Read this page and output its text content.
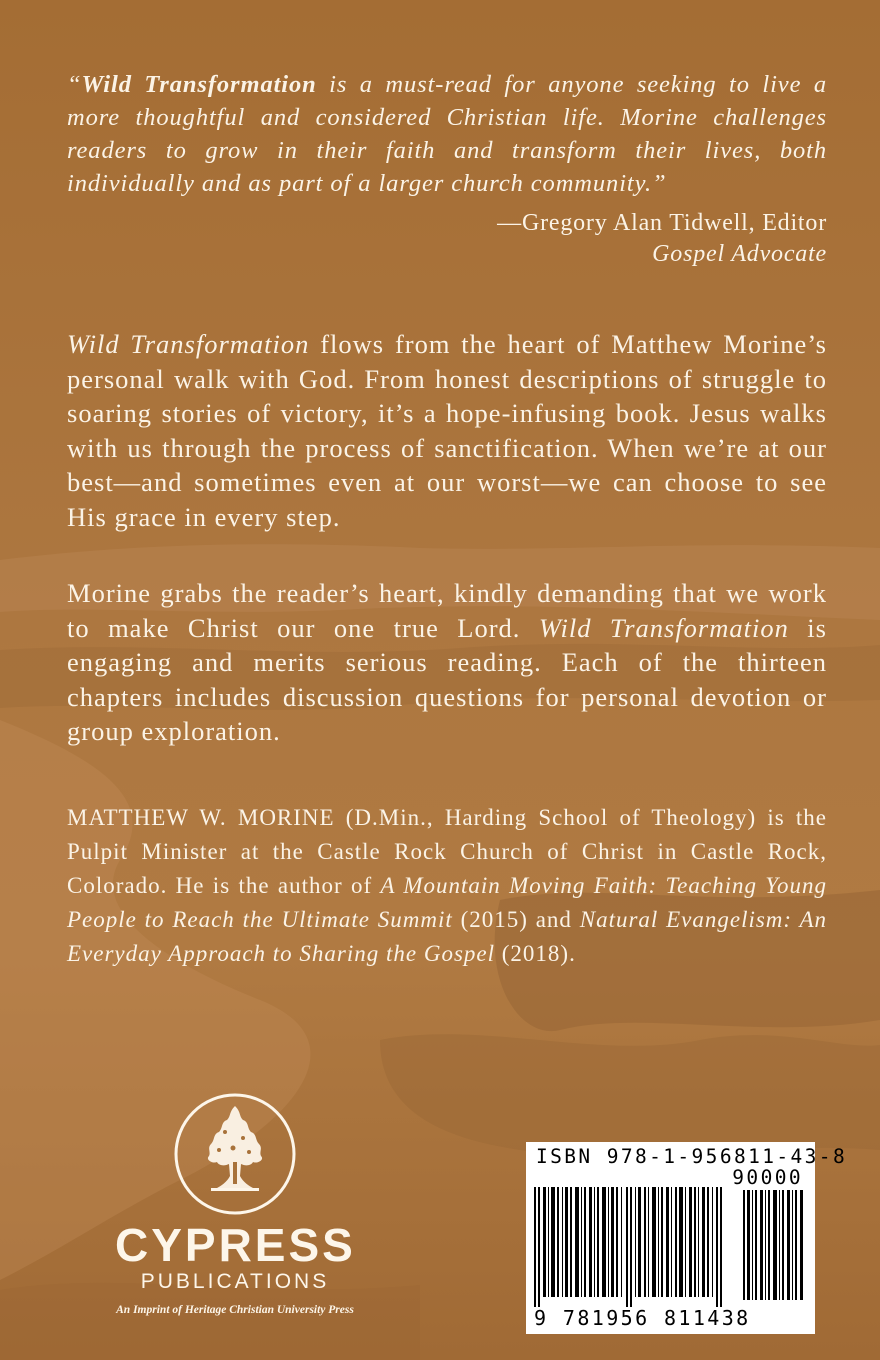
“Wild Transformation is a must-read for anyone seeking to live a more thoughtful and considered Christian life. Morine challenges readers to grow in their faith and transform their lives, both individually and as part of a larger church community.”

—Gregory Alan Tidwell, Editor
Gospel Advocate

Wild Transformation flows from the heart of Matthew Morine’s personal walk with God. From honest descriptions of struggle to soaring stories of victory, it’s a hope-infusing book. Jesus walks with us through the process of sanctification. When we’re at our best—and sometimes even at our worst—we can choose to see His grace in every step.

Morine grabs the reader’s heart, kindly demanding that we work to make Christ our one true Lord. Wild Transformation is engaging and merits serious reading. Each of the thirteen chapters includes discussion questions for personal devotion or group exploration.

MATTHEW W. MORINE (D.Min., Harding School of Theology) is the Pulpit Minister at the Castle Rock Church of Christ in Castle Rock, Colorado. He is the author of A Mountain Moving Faith: Teaching Young People to Reach the Ultimate Summit (2015) and Natural Evangelism: An Everyday Approach to Sharing the Gospel (2018).

CYPRESS
PUBLICATIONS
An Imprint of Heritage Christian University Press
ISBN 978-1-956811-43-8
90000
9 781956 811438
